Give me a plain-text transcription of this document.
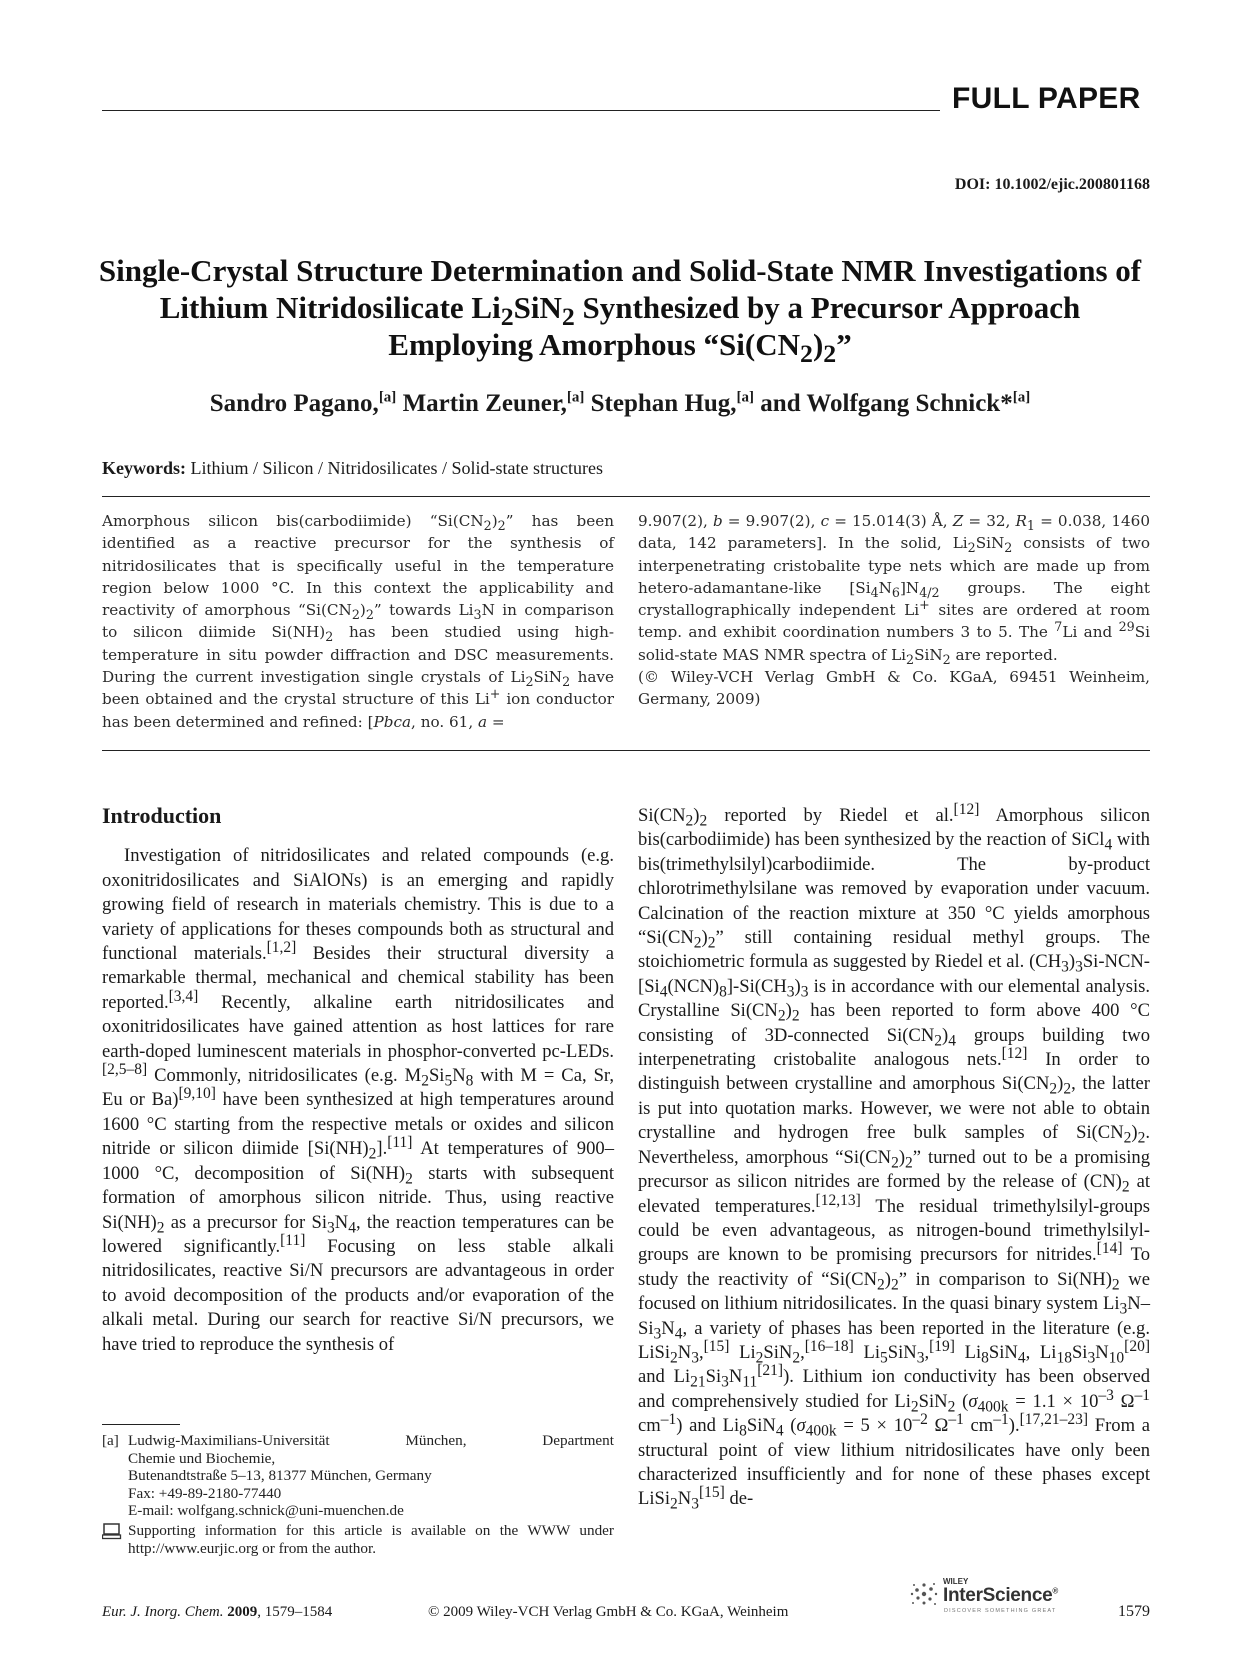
FULL PAPER
DOI: 10.1002/ejic.200801168
Single-Crystal Structure Determination and Solid-State NMR Investigations of
Lithium Nitridosilicate $Li_2SiN_2$ Synthesized by a Precursor Approach
Employing Amorphous “$Si(CN_2)_2$”
Sandro Pagano,[a] Martin Zeuner,[a] Stephan Hug,[a] and Wolfgang Schnick*[a]
Keywords: Lithium / Silicon / Nitridosilicates / Solid-state structures

Amorphous silicon bis(carbodiimide) “$Si(CN_2)_2$” has been identified as a reactive precursor for the synthesis of nitridosilicates that is specifically useful in the temperature region below 1000 °C. In this context the applicability and reactivity of amorphous “$Si(CN_2)_2$” towards $Li_3N$ in comparison to silicon diimide $Si(NH)_2$ has been studied using high-temperature in situ powder diffraction and DSC measurements. During the current investigation single crystals of $Li_2SiN_2$ have been obtained and the crystal structure of this Li+ ion conductor has been determined and refined: [Pbca, no. 61, a =

9.907(2), b = 9.907(2), c = 15.014(3) Å, Z = 32, $R_1 = 0.038$, 1460 data, 142 parameters]. In the solid, $Li_2SiN_2$ consists of two interpenetrating cristobalite type nets which are made up from hetero-adamantane-like $[Si_4N_6]N_{4/2}$ groups. The eight crystallographically independent Li+ sites are ordered at room temp. and exhibit coordination numbers 3 to 5. The $^7$Li and $^{29}$Si solid-state MAS NMR spectra of $Li_2SiN_2$ are reported.

(© Wiley-VCH Verlag GmbH & Co. KGaA, 69451 Weinheim, Germany, 2009)

Introduction

Investigation of nitridosilicates and related compounds (e.g. oxonitridosilicates and SiAlONs) is an emerging and rapidly growing field of research in materials chemistry. This is due to a variety of applications for theses compounds both as structural and functional materials.[1,2] Besides their structural diversity a remarkable thermal, mechanical and chemical stability has been reported.[3,4] Recently, alkaline earth nitridosilicates and oxonitridosilicates have gained attention as host lattices for rare earth-doped luminescent materials in phosphor-converted pc-LEDs.[2,5–8] Commonly, nitridosilicates (e.g. $M_2Si_5N_8$ with M = Ca, Sr, Eu or Ba)[9,10] have been synthesized at high temperatures around 1600 °C starting from the respective metals or oxides and silicon nitride or silicon diimide $[Si(NH)_2].[11]$ At temperatures of 900–1000 °C, decomposition of $Si(NH)_2$ starts with subsequent formation of amorphous silicon nitride. Thus, using reactive $Si(NH)_2$ as a precursor for $Si_3N_4$, the reaction temperatures can be lowered significantly.[11] Focusing on less stable alkali nitridosilicates, reactive Si/N precursors are advantageous in order to avoid decomposition of the products and/or evaporation of the alkali metal. During our search for reactive Si/N precursors, we have tried to reproduce the synthesis of

$Si(CN_2)_2$ reported by Riedel et al.[12] Amorphous silicon bis(carbodiimide) has been synthesized by the reaction of SiCl$_4$ with bis(trimethylsilyl)carbodiimide. The by-product chlorotrimethylsilane was removed by evaporation under vacuum. Calcination of the reaction mixture at 350 °C yields amorphous “$Si(CN_2)_2$” still containing residual methyl groups. The stoichiometric formula as suggested by Riedel et al. $(CH_3)_3Si-NCN-[Si_4(NCN)_8]-Si(CH_3)_3$ is in accordance with our elemental analysis. Crystalline $Si(CN_2)_2$ has been reported to form above 400 °C consisting of 3D-connected $Si(CN_2)_4$ groups building two interpenetrating cristobalite analogous nets.[12] In order to distinguish between crystalline and amorphous $Si(CN_2)_2$, the latter is put into quotation marks. However, we were not able to obtain crystalline and hydrogen free bulk samples of $Si(CN_2)_2$. Nevertheless, amorphous “$Si(CN_2)_2$” turned out to be a promising precursor as silicon nitrides are formed by the release of $(CN)_2$ at elevated temperatures.[12,13] The residual trimethylsilyl-groups could be even advantageous, as nitrogen-bound trimethylsilyl-groups are known to be promising precursors for nitrides.[14] To study the reactivity of “$Si(CN_2)_2$” in comparison to $Si(NH)_2$ we focused on lithium nitridosilicates. In the quasi binary system $Li_3N-Si_3N_4$, a variety of phases has been reported in the literature (e.g. $LiSi_2N_3,[15]$ $Li_2SiN_2,[16-18]$ $Li_5SiN_3,[19]$ $Li_8SiN_4$, $Li_{18}Si_3N_{10}[20]$ and $Li_{21}Si_3N_{11}[21]$). Lithium ion conductivity has been observed and comprehensively studied for $Li_2SiN_2$ ($\sigma_{400k} = 1.1 \times 10^{-3}$ $\Omega^{-1}$ $cm^{-1}$) and $Li_8SiN_4$ ($\sigma_{400k} = 5 \times 10^{-2}$ $\Omega^{-1}$ $cm^{-1}).[17,21-23]$ From a structural point of view lithium nitridosilicates have only been characterized insufficiently and for none of these phases except $LiSi_2N_3[15]$ de-

[a] Ludwig-Maximilians-Universität	München,	Department
Chemie und Biochemie,
Butenandtstraße 5–13, 81377 München, Germany
Fax: +49-89-2180-77440
E-mail: wolfgang.schnick@uni-muenchen.de
Supporting information for this article is available on the WWW under http://www.eurjic.org or from the author.
Eur. J. Inorg. Chem. 2009, 1579–1584	© 2009 Wiley-VCH Verlag GmbH & Co. KGaA, Weinheim
WILEY
InterScience®
DISCOVER SOMETHING GREAT	1579
